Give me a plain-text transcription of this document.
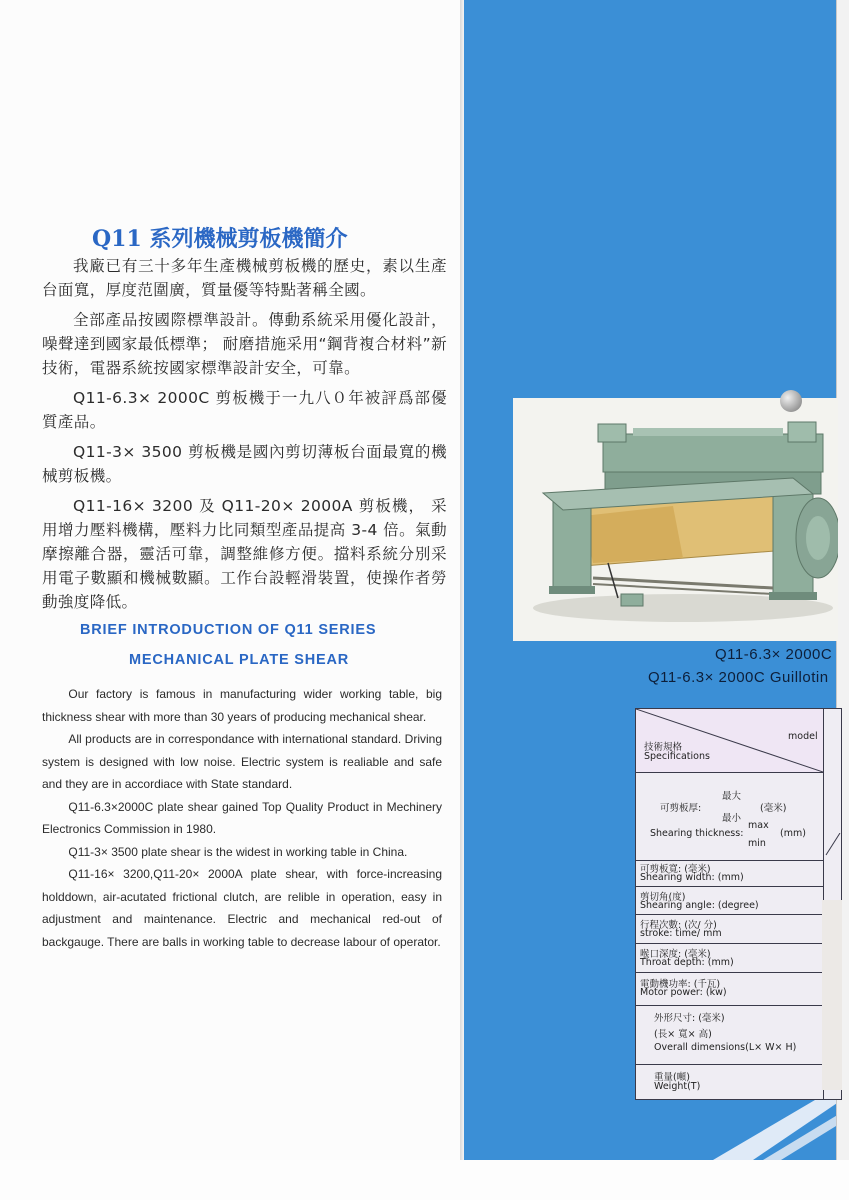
Q11 系列機械剪板機簡介

我廠已有三十多年生產機械剪板機的歷史，素以生產台面寬，厚度范圍廣，質量優等特點著稱全國。

全部產品按國際標準設計。傳動系統采用優化設計，噪聲達到國家最低標準； 耐磨措施采用“鋼背複合材料”新技術，電器系統按國家標準設計安全，可靠。

Q11-6.3× 2000C 剪板機于一九八０年被評爲部優質產品。

Q11-3× 3500 剪板機是國內剪切薄板台面最寬的機械剪板機。

Q11-16× 3200 及 Q11-20× 2000A 剪板機， 采用增力壓料機構，壓料力比同類型產品提高 3-4 倍。氣動摩擦離合器，靈活可靠，調整維修方便。擋料系統分別采用電子數顯和機械數顯。工作台設輕滑裝置，使操作者勞動強度降低。

BRIEF INTRODUCTION OF Q11 SERIES
MECHANICAL PLATE SHEAR

Our factory is famous in manufacturing wider working table, big thickness shear with more than 30 years of producing mechanical shear.

All products are in correspondance with international standard. Driving system is designed with low noise. Electric system is realiable and safe and they are in accordiace with State standard.

Q11-6.3×2000C plate shear gained Top Quality Product in Mechinery Electronics Commission in 1980.

Q11-3× 3500 plate shear is the widest in working table in China.

Q11-16× 3200,Q11-20× 2000A plate shear, with force-increasing holddown, air-acutated frictional clutch, are relible in operation, easy in adjustment and maintenance. Electric and mechanical red-out of backgauge. There are balls in working table to decrease labour of operator.

Q11-6.3× 2000C
Q11-6.3× 2000C Guillotin
技術規格
Specifications
model
最大
可剪板厚:	(毫米)
最小
max
Shearing thickness:	(mm)
min
可剪板寬: (毫米)
Shearing width: (mm)
剪切角(度)
Shearing angle: (degree)
行程次數: (次/ 分)
stroke: time/ mm
喉口深度: (毫米)
Throat depth: (mm)
電動機功率: (千瓦)
Motor power: (kw)
外形尺寸: (毫米)
(長× 寬× 高)
Overall dimensions(L× W× H)
重量(噸)
Weight(T)
